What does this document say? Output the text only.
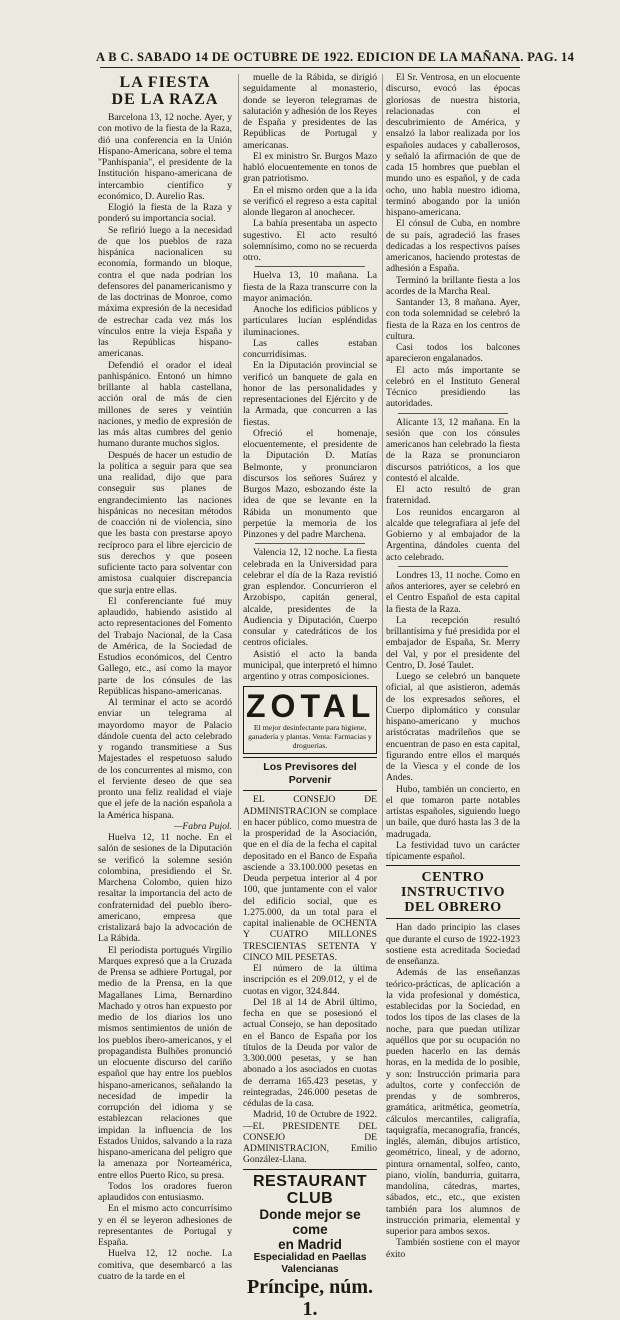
A B C. SABADO 14 DE OCTUBRE DE 1922. EDICION DE LA MAÑANA. PAG. 14
LA FIESTA
DE LA RAZA

Barcelona 13, 12 noche. Ayer, y con motivo de la fiesta de la Raza, dió una conferencia en la Unión Hispano-Americana, sobre el tema "Panhispania", el presidente de la Institución hispano-americana de intercambio científico y económico, D. Aurelio Ras.

Elogió la fiesta de la Raza y ponderó su importancia social.

Se refirió luego a la necesidad de que los pueblos de raza hispánica nacionalicen su economía, formando un bloque, contra el que nada podrían los defensores del panamericanismo y de las doctrinas de Monroe, como máxima expresión de la necesidad de estrechar cada vez más los vínculos entre la vieja España y las Repúblicas hispano-americanas.

Defendió el orador el ideal panhispánico. Entonó un himno brillante al habla castellana, acción oral de más de cien millones de seres y veintiún naciones, y medio de expresión de las más altas cumbres del genio humano durante muchos siglos.

Después de hacer un estudio de la política a seguir para que sea una realidad, dijo que para conseguir sus planes de engrandecimiento las naciones hispánicas no necesitan métodos de coacción ni de violencia, sino que les basta con prestarse apoyo recíproco para el libre ejercicio de sus derechos y que poseen suficiente tacto para solventar con amistosa cualquier discrepancia que surja entre ellas.

El conferenciante fué muy aplaudido, habiendo asistido al acto representaciones del Fomento del Trabajo Nacional, de la Casa de América, de la Sociedad de Estudios económicos, del Centro Gallego, etc., así como la mayor parte de los cónsules de las Repúblicas hispano-americanas.

Al terminar el acto se acordó enviar un telegrama al mayordomo mayor de Palacio dándole cuenta del acto celebrado y rogando transmitiese a Sus Majestades el respetuoso saludo de los concurrentes al mismo, con el ferviente deseo de que sea pronto una feliz realidad el viaje que el jefe de la nación española a la América hispana.

—Fabra Pujol.

Huelva 12, 11 noche. En el salón de sesiones de la Diputación se verificó la solemne sesión colombina, presidiendo el Sr. Marchena Colombo, quien hizo resaltar la importancia del acto de confraternidad del pueblo íbero-americano, empresa que cristalizará bajo la advocación de La Rábida.

El periodista portugués Virgilio Marques expresó que a la Cruzada de Prensa se adhiere Portugal, por medio de la Prensa, en la que Magallanes Lima, Bernardino Machado y otros han expuesto por medio de los diarios los uno mismos sentimientos de unión de los pueblos íbero-americanos, y el propagandista Bulhões pronunció un elocuente discurso del cariño español que hay entre los pueblos hispano-americanos, señalando la necesidad de impedir la corrupción del idioma y se establezcan relaciones que impidan la influencia de los Estados Unidos, salvando a la raza hispano-americana del peligro que la amenaza por Norteamérica, entre ellos Puerto Rico, su presa.

Todos los oradores fueron aplaudidos con entusiasmo.

En el mismo acto concurrísimo y en él se leyeron adhesiones de representantes de Portugal y España.

Huelva 12, 12 noche. La comitiva, que desembarcó a las cuatro de la tarde en el

muelle de la Rábida, se dirigió seguidamente al monasterio, donde se leyeron telegramas de salutación y adhesión de los Reyes de España y presidentes de las Repúblicas de Portugal y americanas.

El ex ministro Sr. Burgos Mazo habló elocuentemente en tonos de gran patriotismo.

En el mismo orden que a la ida se verificó el regreso a esta capital alonde llegaron al anochecer.

La bahía presentaba un aspecto sugestivo. El acto resultó solemnísimo, como no se recuerda otro.

Huelva 13, 10 mañana. La fiesta de la Raza transcurre con la mayor animación.

Anoche los edificios públicos y particulares lucían espléndidas iluminaciones.

Las calles estaban concurridísimas.

En la Diputación provincial se verificó un banquete de gala en honor de las personalidades y representaciones del Ejército y de la Armada, que concurren a las fiestas.

Ofreció el homenaje, elocuentemente, el presidente de la Diputación D. Matías Belmonte, y pronunciaron discursos los señores Suárez y Burgos Mazo, esbozando éste la idea de que se levante en la Rábida un monumento que perpetúe la memoria de los Pinzones y del padre Marchena.

Valencia 12, 12 noche. La fiesta celebrada en la Universidad para celebrar el día de la Raza revistió gran esplendor. Concurrieron el Arzobispo, capitán general, alcalde, presidentes de la Audiencia y Diputación, Cuerpo consular y catedráticos de los centros oficiales.

Asistió el acto la banda municipal, que interpretó el himno argentino y otras composiciones.

ZOTAL
El mejor desinfectante para higiene, ganadería y plantas. Venta: Farmacias y droguerías.
Los Previsores del Porvenir

EL CONSEJO DE ADMINISTRACION se complace en hacer público, como muestra de la prosperidad de la Asociación, que en el día de la fecha el capital depositado en el Banco de España asciende a 33.100.000 pesetas en Deuda perpetua interior al 4 por 100, que juntamente con el valor del edificio social, que es 1.275.000, da un total para el capital inalienable de OCHENTA Y CUATRO MILLONES TRESCIENTAS SETENTA Y CINCO MIL PESETAS.

El número de la última inscripción es el 209.012, y el de cuotas en vigor, 324.844.

Del 18 al 14 de Abril último, fecha en que se posesionó el actual Consejo, se han depositado en el Banco de España por los títulos de la Deuda por valor de 3.300.000 pesetas, y se han abonado a los asociados en cuotas de derrama 165.423 pesetas, y reintegradas, 246.000 pesetas de cédulas de la casa.

Madrid, 10 de Octubre de 1922.—EL PRESIDENTE DEL CONSEJO DE ADMINISTRACION, Emilio González-Llana.

RESTAURANT CLUB
Donde mejor se come
en Madrid
Especialidad en Paellas Valencianas
Príncipe, núm. 1.

El Sr. Ventrosa, en un elocuente discurso, evocó las épocas gloriosas de nuestra historia, relacionadas con el descubrimiento de América, y ensalzó la labor realizada por los españoles audaces y caballerosos, y señaló la afirmación de que de cada 15 hombres que pueblan el mundo uno es español, y de cada ocho, uno habla nuestro idioma, terminó abogando por la unión hispano-americana.

El cónsul de Cuba, en nombre de su país, agradeció las frases dedicadas a los respectivos países americanos, haciendo protestas de adhesión a España.

Terminó la brillante fiesta a los acordes de la Marcha Real.

Santander 13, 8 mañana. Ayer, con toda solemnidad se celebró la fiesta de la Raza en los centros de cultura.

Casi todos los balcones aparecieron engalanados.

El acto más importante se celebró en el Instituto General Técnico presidiendo las autoridades.

Alicante 13, 12 mañana. En la sesión que con los cónsules americanos han celebrado la fiesta de la Raza se pronunciaron discursos patrióticos, a los que contestó el alcalde.

El acto resultó de gran fraternidad.

Los reunidos encargaron al alcalde que telegrafiara al jefe del Gobierno y al embajador de la Argentina, dándoles cuenta del acto celebrado.

Londres 13, 11 noche. Como en años anteriores, ayer se celebró en el Centro Español de esta capital la fiesta de la Raza.

La recepción resultó brillantísima y fué presidida por el embajador de España, Sr. Merry del Val, y por el presidente del Centro, D. José Taulet.

Luego se celebró un banquete oficial, al que asistieron, además de los expresados señores, el Cuerpo diplomático y consular hispano-americano y muchos aristócratas madrileños que se encuentran de paso en esta capital, figurando entre ellos el marqués de la Viesca y el conde de los Andes.

Hubo, también un concierto, en el que tomaron parte notables artistas españoles, siguiendo luego un baile, que duró hasta las 3 de la madrugada.

La festividad tuvo un carácter típicamente español.

CENTRO INSTRUCTIVO
DEL OBRERO

Han dado principio las clases que durante el curso de 1922-1923 sostiene esta acreditada Sociedad de enseñanza.

Además de las enseñanzas teórico-prácticas, de aplicación a la vida profesional y doméstica, establecidas por la Sociedad, en todos los tipos de las clases de la noche, para que puedan utilizar aquéllos que por su ocupación no pueden hacerlo en las demás horas, en la medida de lo posible, y son: Instrucción primaria para adultos, corte y confección de prendas y de sombreros, gramática, aritmética, geometría, cálculos mercantiles, caligrafía, taquigrafía, mecanografía, francés, inglés, alemán, dibujos artístico, geométrico, lineal, y de adorno, pintura ornamental, solfeo, canto, piano, violín, bandurria, guitarra, mandolina, cátedras, martes, sábados, etc., etc., que existen también para los alumnos de instrucción primaria, elemental y superior para ambos sexos.

También sostiene con el mayor éxito
